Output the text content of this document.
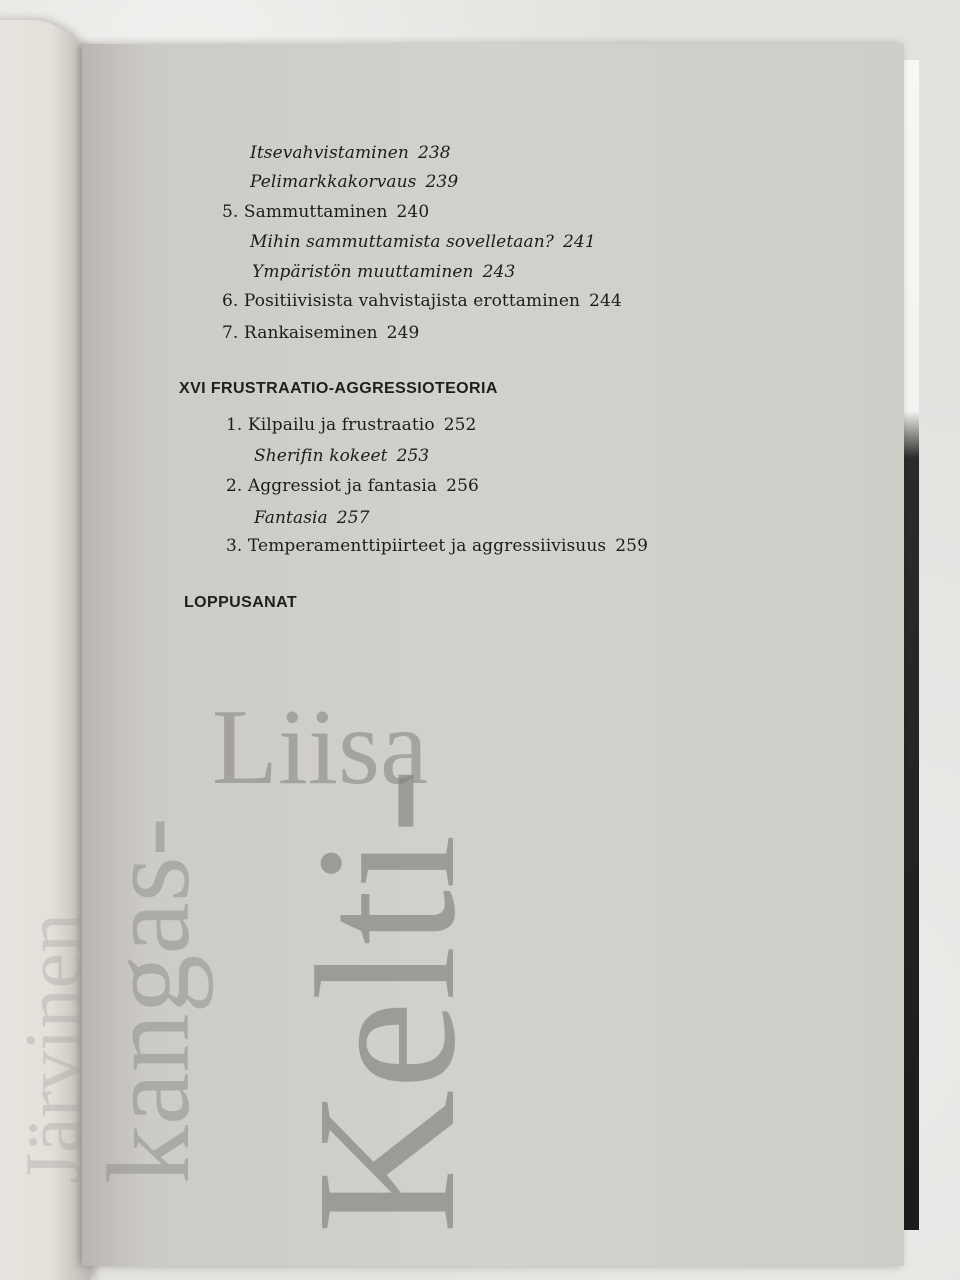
Järvinen
kangas- Kelti-
Liisa
Itsevahvistaminen 238
Pelimarkkakorvaus 239
5. Sammuttaminen 240
Mihin sammuttamista sovelletaan? 241
Ympäristön muuttaminen 243
6. Positiivisista vahvistajista erottaminen 244
7. Rankaiseminen 249
XVI FRUSTRAATIO-AGGRESSIOTEORIA
1. Kilpailu ja frustraatio 252
Sherifin kokeet 253
2. Aggressiot ja fantasia 256
Fantasia 257
3. Temperamenttipiirteet ja aggressiivisuus 259
LOPPUSANAT
